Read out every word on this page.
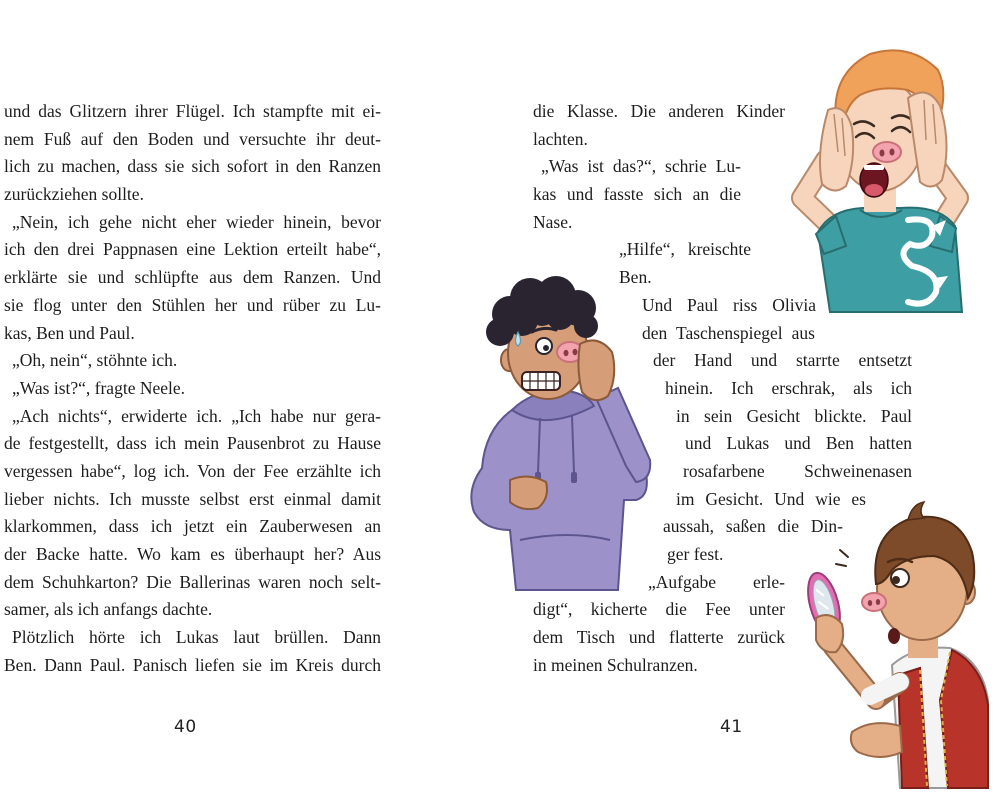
und das Glitzern ihrer Flügel. Ich stampfte mit ei-
nem Fuß auf den Boden und versuchte ihr deut-
lich zu machen, dass sie sich sofort in den Ranzen
zurückziehen sollte.
„Nein, ich gehe nicht eher wieder hinein, bevor
ich den drei Pappnasen eine Lektion erteilt habe“,
erklärte sie und schlüpfte aus dem Ranzen. Und
sie flog unter den Stühlen her und rüber zu Lu-
kas, Ben und Paul.
„Oh, nein“, stöhnte ich.
„Was ist?“, fragte Neele.
„Ach nichts“, erwiderte ich. „Ich habe nur gera-
de festgestellt, dass ich mein Pausenbrot zu Hause
vergessen habe“, log ich. Von der Fee erzählte ich
lieber nichts. Ich musste selbst erst einmal damit
klarkommen, dass ich jetzt ein Zauberwesen an
der Backe hatte. Wo kam es überhaupt her? Aus
dem Schuhkarton? Die Ballerinas waren noch selt-
samer, als ich anfangs dachte.
Plötzlich hörte ich Lukas laut brüllen. Dann
Ben. Dann Paul. Panisch liefen sie im Kreis durch
die Klasse. Die anderen Kinder
lachten.
„Was ist das?“, schrie Lu-
kas und fasste sich an die
Nase.
„Hilfe“, kreischte
Ben.
Und Paul riss Olivia
den Taschenspiegel aus
der Hand und starrte entsetzt
hinein. Ich erschrak, als ich
in sein Gesicht blickte. Paul
und Lukas und Ben hatten
rosafarbene Schweinenasen
im Gesicht. Und wie es
aussah, saßen die Din-
ger fest.
„Aufgabe erle-
digt“, kicherte die Fee unter
dem Tisch und flatterte zurück
in meinen Schulranzen.
40	41
